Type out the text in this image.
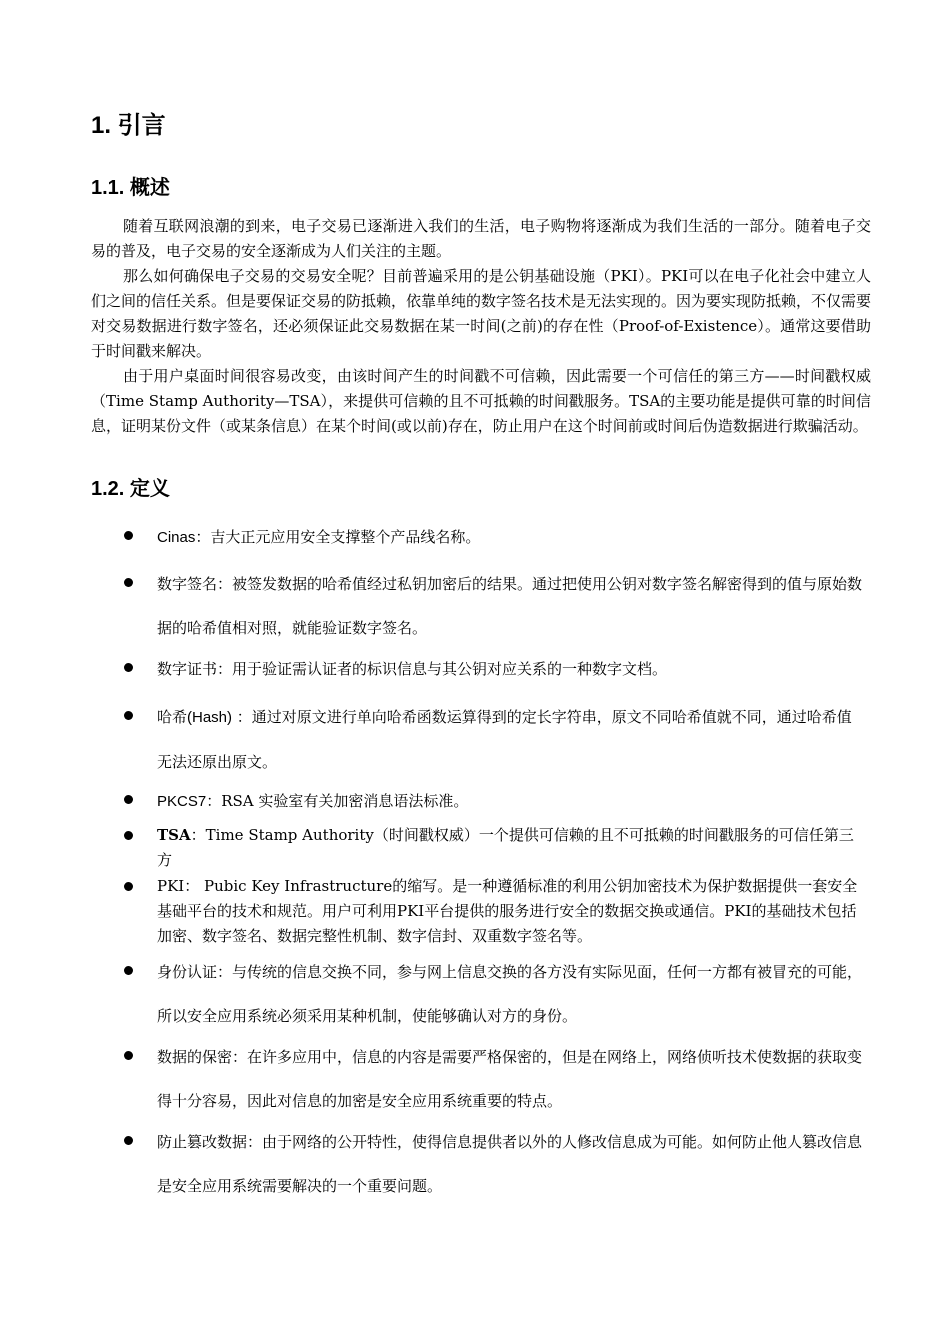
1. 引言
1.1. 概述

随着互联网浪潮的到来，电子交易已逐渐进入我们的生活，电子购物将逐渐成为我们生活的一部分。随着电子交易的普及，电子交易的安全逐渐成为人们关注的主题。

那么如何确保电子交易的交易安全呢？目前普遍采用的是公钥基础设施（PKI）。PKI可以在电子化社会中建立人们之间的信任关系。但是要保证交易的防抵赖，依靠单纯的数字签名技术是无法实现的。因为要实现防抵赖，不仅需要对交易数据进行数字签名，还必须保证此交易数据在某一时间(之前)的存在性（Proof-of-Existence）。通常这要借助于时间戳来解决。

由于用户桌面时间很容易改变，由该时间产生的时间戳不可信赖，因此需要一个可信任的第三方——时间戳权威（Time Stamp Authority—TSA），来提供可信赖的且不可抵赖的时间戳服务。TSA的主要功能是提供可靠的时间信息，证明某份文件（或某条信息）在某个时间(或以前)存在，防止用户在这个时间前或时间后伪造数据进行欺骗活动。

1.2. 定义
Cinas：吉大正元应用安全支撑整个产品线名称。
数字签名：被签发数据的哈希值经过私钥加密后的结果。通过把使用公钥对数字签名解密得到的值与原始数据的哈希值相对照，就能验证数字签名。
数字证书：用于验证需认证者的标识信息与其公钥对应关系的一种数字文档。
哈希(Hash) ：通过对原文进行单向哈希函数运算得到的定长字符串，原文不同哈希值就不同，通过哈希值无法还原出原文。
PKCS7：RSA 实验室有关加密消息语法标准。
TSA：Time Stamp Authority（时间戳权威）一个提供可信赖的且不可抵赖的时间戳服务的可信任第三方
PKI： Pubic Key Infrastructure的缩写。是一种遵循标准的利用公钥加密技术为保护数据提供一套安全基础平台的技术和规范。用户可利用PKI平台提供的服务进行安全的数据交换或通信。PKI的基础技术包括加密、数字签名、数据完整性机制、数字信封、双重数字签名等。
身份认证：与传统的信息交换不同，参与网上信息交换的各方没有实际见面，任何一方都有被冒充的可能，所以安全应用系统必须采用某种机制，使能够确认对方的身份。
数据的保密：在许多应用中，信息的内容是需要严格保密的，但是在网络上，网络侦听技术使数据的获取变得十分容易，因此对信息的加密是安全应用系统重要的特点。
防止篡改数据：由于网络的公开特性，使得信息提供者以外的人修改信息成为可能。如何防止他人篡改信息是安全应用系统需要解决的一个重要问题。
